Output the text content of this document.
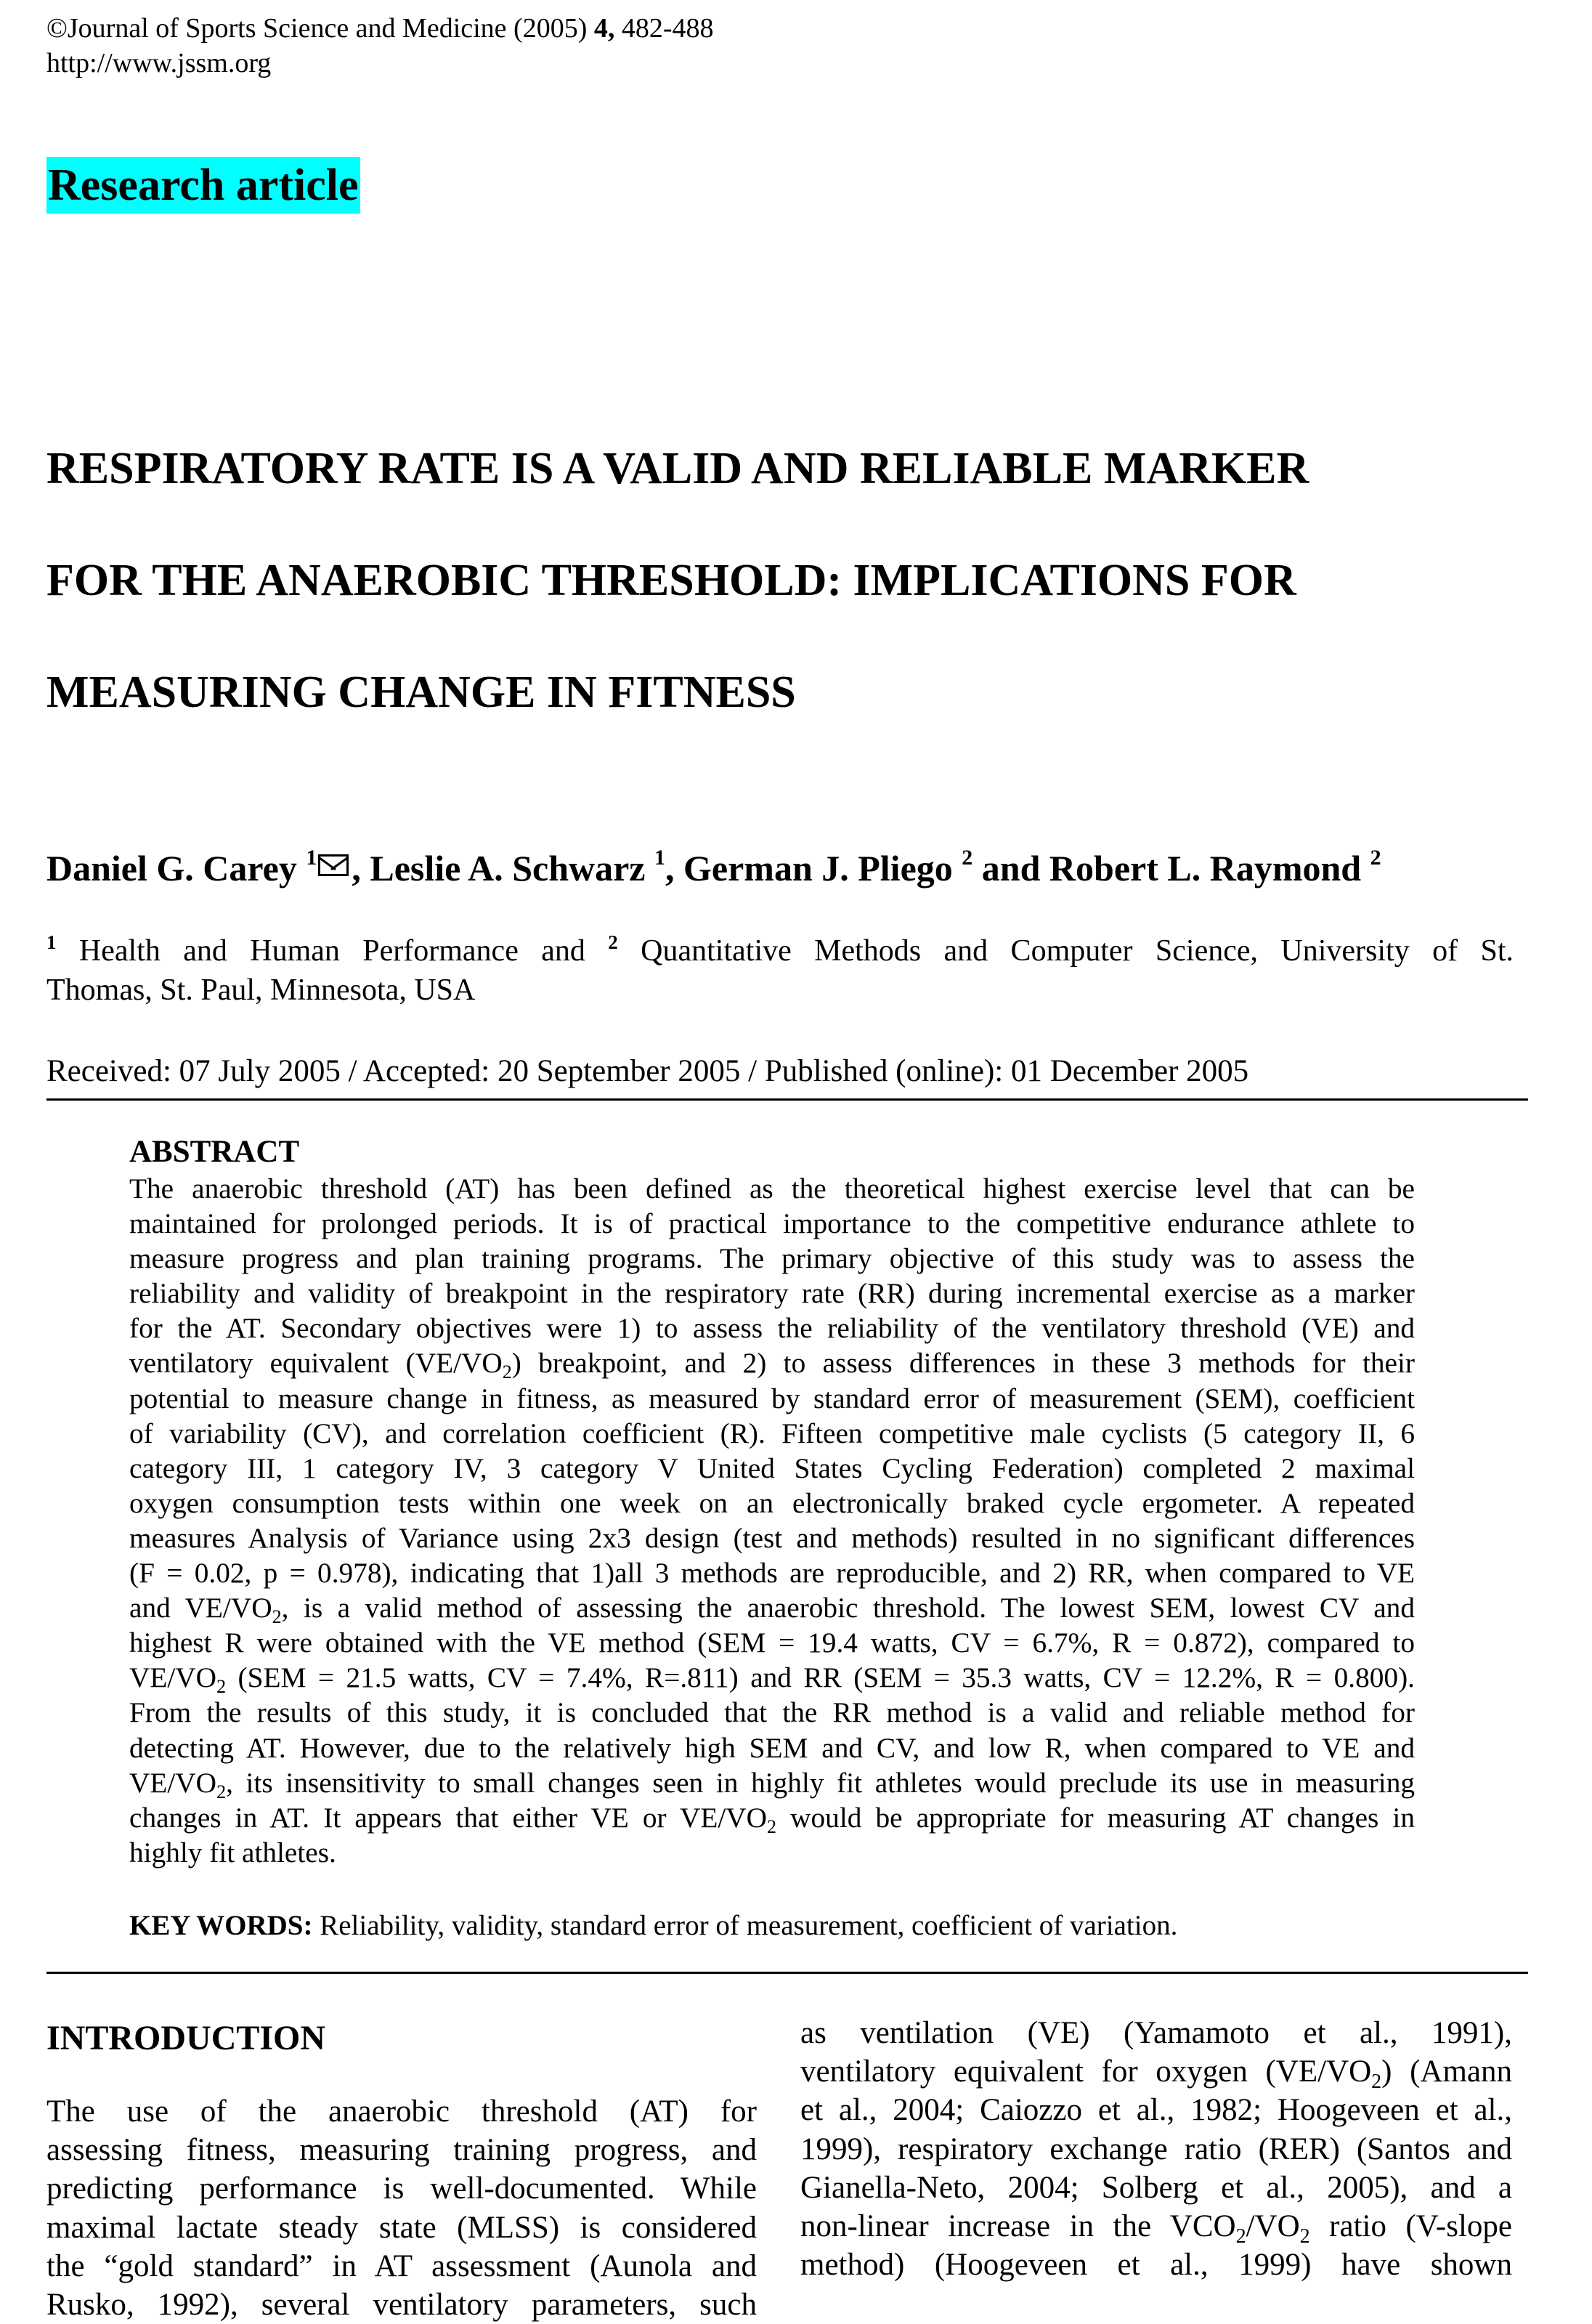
©Journal of Sports Science and Medicine (2005) 4, 482-488
http://www.jssm.org
Research article
RESPIRATORY RATE IS A VALID AND RELIABLE MARKER
FOR THE ANAEROBIC THRESHOLD: IMPLICATIONS FOR
MEASURING CHANGE IN FITNESS
Daniel G. Carey $^1$ , Leslie A. Schwarz $^1$, German J. Pliego $^2$ and Robert L. Raymond $^2$
$^1$ Health and Human Performance and $^2$ Quantitative Methods and Computer Science, University of St.
Thomas, St. Paul, Minnesota, USA
Received: 07 July 2005 / Accepted: 20 September 2005 / Published (online): 01 December 2005
ABSTRACT
The anaerobic threshold (AT) has been defined as the theoretical highest exercise level that can be
maintained for prolonged periods. It is of practical importance to the competitive endurance athlete to
measure progress and plan training programs. The primary objective of this study was to assess the
reliability and validity of breakpoint in the respiratory rate (RR) during incremental exercise as a marker
for the AT. Secondary objectives were 1) to assess the reliability of the ventilatory threshold (VE) and
ventilatory equivalent $(VE/VO_2)$ breakpoint, and 2) to assess differences in these 3 methods for their
potential to measure change in fitness, as measured by standard error of measurement (SEM), coefficient
of variability (CV), and correlation coefficient (R). Fifteen competitive male cyclists (5 category II, 6
category III, 1 category IV, 3 category V United States Cycling Federation) completed 2 maximal
oxygen consumption tests within one week on an electronically braked cycle ergometer. A repeated
measures Analysis of Variance using 2x3 design (test and methods) resulted in no significant differences
(F = 0.02, p = 0.978), indicating that 1)all 3 methods are reproducible, and 2) RR, when compared to VE
and $VE/VO_2$, is a valid method of assessing the anaerobic threshold. The lowest SEM, lowest CV and
highest R were obtained with the VE method (SEM = 19.4 watts, CV = 6.7%, R = 0.872), compared to
$VE/VO_2$ (SEM = 21.5 watts, CV = 7.4%, R=.811) and RR (SEM = 35.3 watts, CV = 12.2%, R = 0.800).
From the results of this study, it is concluded that the RR method is a valid and reliable method for
detecting AT. However, due to the relatively high SEM and CV, and low R, when compared to VE and
$VE/VO_2$, its insensitivity to small changes seen in highly fit athletes would preclude its use in measuring
changes in AT. It appears that either VE or $VE/VO_2$ would be appropriate for measuring AT changes in
highly fit athletes.
KEY WORDS: Reliability, validity, standard error of measurement, coefficient of variation.
INTRODUCTION
The use of the anaerobic threshold (AT) for
assessing fitness, measuring training progress, and
predicting performance is well-documented. While
maximal lactate steady state (MLSS) is considered
the “gold standard” in AT assessment (Aunola and
Rusko, 1992), several ventilatory parameters, such
as ventilation (VE) (Yamamoto et al., 1991),
ventilatory equivalent for oxygen $(VE/VO_2)$ (Amann
et al., 2004; Caiozzo et al., 1982; Hoogeveen et al.,
1999), respiratory exchange ratio (RER) (Santos and
Gianella-Neto, 2004; Solberg et al., 2005), and a
non-linear increase in the $VCO_2/VO_2$ ratio (V-slope
method) (Hoogeveen et al., 1999) have shown
